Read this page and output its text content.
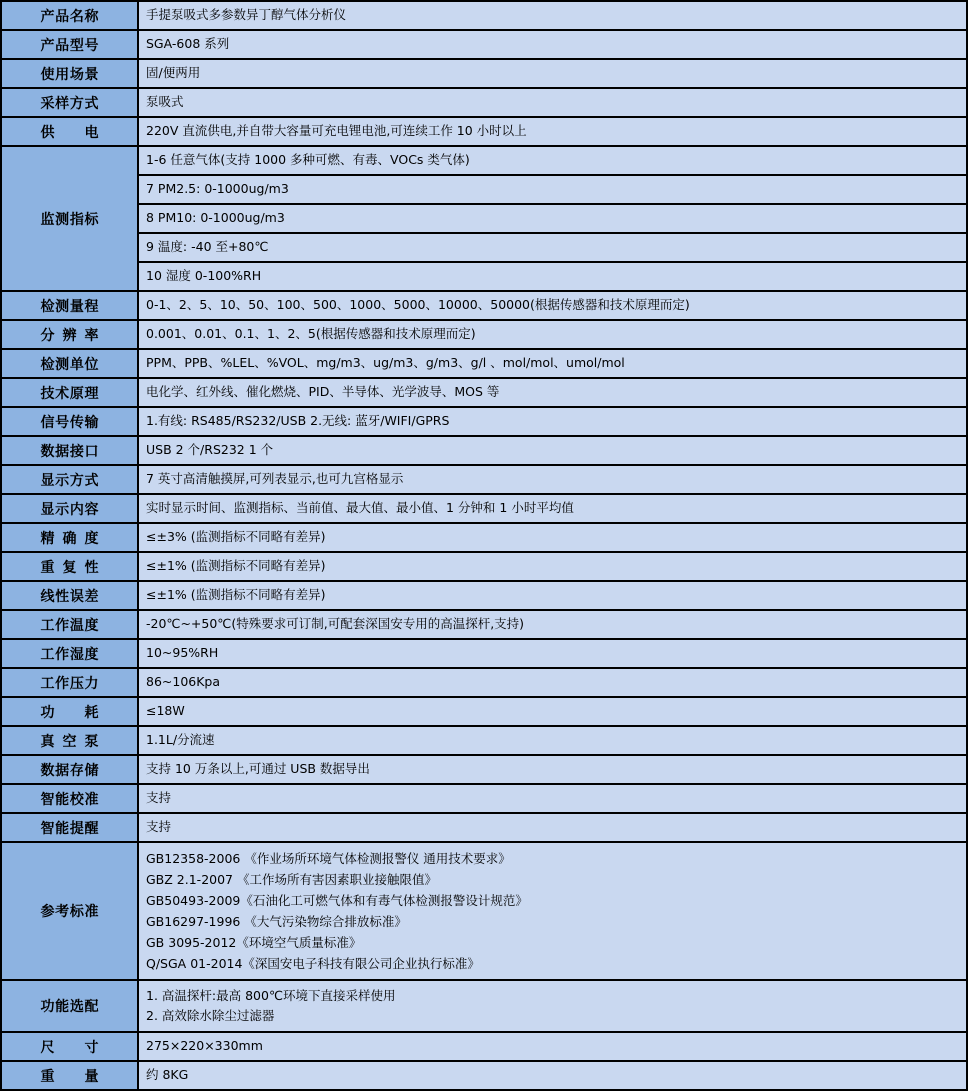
产品名称	手提泵吸式多参数异丁醇气体分析仪
产品型号	SGA-608 系列
使用场景	固/便两用
采样方式	泵吸式
供 电	220V 直流供电,并自带大容量可充电锂电池,可连续工作 10 小时以上
监测指标	1-6 任意气体(支持 1000 多种可燃、有毒、VOCs 类气体)
	7 PM2.5: 0-1000ug/m3
	8 PM10: 0-1000ug/m3
	9 温度: -40 至+80℃
	10 湿度 0-100%RH
检测量程	0-1、2、5、10、50、100、500、1000、5000、10000、50000(根据传感器和技术原理而定)
分 辨 率	0.001、0.01、0.1、1、2、5(根据传感器和技术原理而定)
检测单位	PPM、PPB、%LEL、%VOL、mg/m3、ug/m3、g/m3、g/l 、mol/mol、umol/mol
技术原理	电化学、红外线、催化燃烧、PID、半导体、光学波导、MOS 等
信号传输	1.有线: RS485/RS232/USB 2.无线: 蓝牙/WIFI/GPRS
数据接口	USB 2 个/RS232 1 个
显示方式	7 英寸高清触摸屏,可列表显示,也可九宫格显示
显示内容	实时显示时间、监测指标、当前值、最大值、最小值、1 分钟和 1 小时平均值
精 确 度	≤±3% (监测指标不同略有差异)
重 复 性	≤±1% (监测指标不同略有差异)
线性误差	≤±1% (监测指标不同略有差异)
工作温度	-20℃~+50℃(特殊要求可订制,可配套深国安专用的高温探杆,支持)
工作湿度	10~95%RH
工作压力	86~106Kpa
功 耗	≤18W
真 空 泵	1.1L/分流速
数据存储	支持 10 万条以上,可通过 USB 数据导出
智能校准	支持
智能提醒	支持
参考标准	
GB12358-2006 《作业场所环境气体检测报警仪 通用技术要求》
GBZ 2.1-2007 《工作场所有害因素职业接触限值》
GB50493-2009《石油化工可燃气体和有毒气体检测报警设计规范》
GB16297-1996 《大气污染物综合排放标准》
GB 3095-2012《环境空气质量标准》
Q/SGA 01-2014《深国安电子科技有限公司企业执行标准》

功能选配	1. 高温探杆:最高 800℃环境下直接采样使用
2. 高效除水除尘过滤器

尺 寸	275×220×330mm
重 量	约 8KG
